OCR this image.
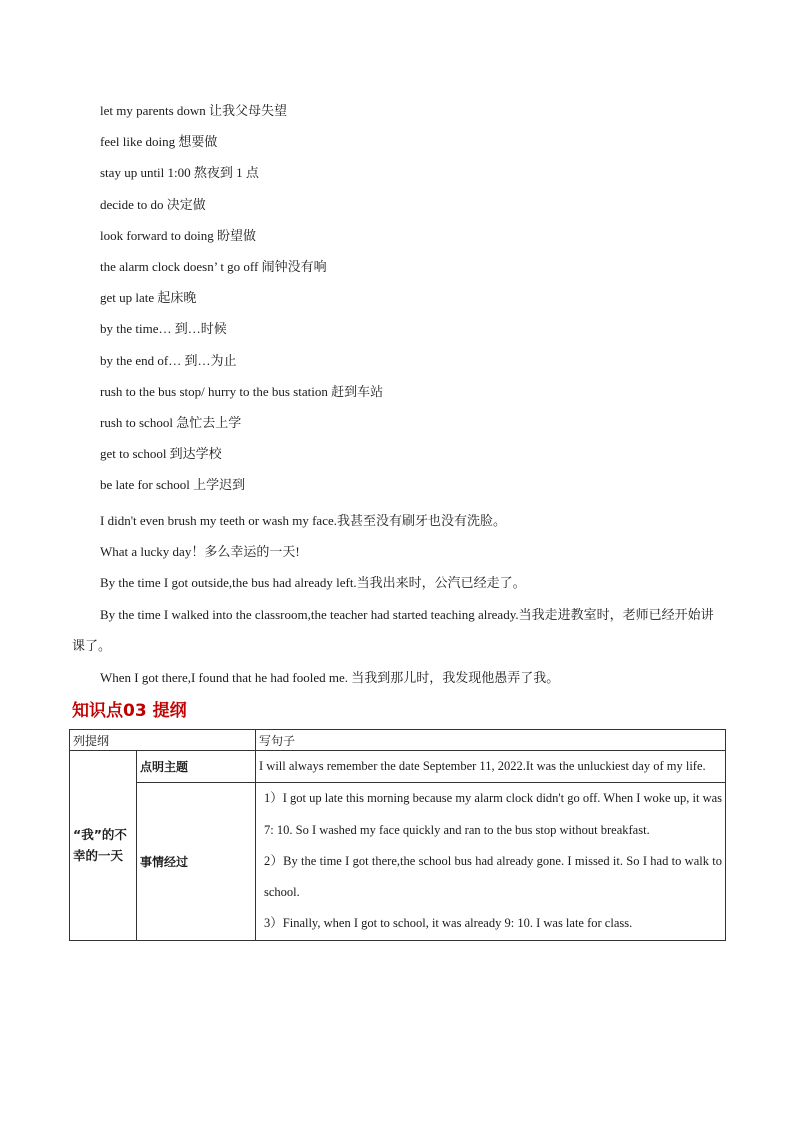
let my parents down 让我父母失望
feel like doing 想要做
stay up until 1:00 熬夜到 1 点
decide to do 决定做
look forward to doing 盼望做
the alarm clock doesn’ t go off 闹钟没有响
get up late 起床晚
by the time… 到…时候
by the end of… 到…为止
rush to the bus stop/ hurry to the bus station 赶到车站
rush to school 急忙去上学
get to school 到达学校
be late for school 上学迟到
I didn't even brush my teeth or wash my face.我甚至没有刷牙也没有洗脸。
What a lucky day！多么幸运的一天!
By the time I got outside,the bus had already left.当我出来时，公汽已经走了。
By the time I walked into the classroom,the teacher had started teaching already.当我走进教室时，老师已经开始讲课了。
When I got there,I found that he had fooled me. 当我到那儿时，我发现他愚弄了我。
知识点03 提纲
列提纲		写句子
“我”的不幸的一天	点明主题	I will always remember the date September 11, 2022.It was the unluckiest day of my life.

	事情经过	1）I got up late this morning because my alarm clock didn't go off. When I woke up, it was 7: 10. So I washed my face quickly and ran to the bus stop without breakfast.
2）By the time I got there,the school bus had already gone. I missed it. So I had to walk to school.
3）Finally, when I got to school, it was already 9: 10. I was late for class.
